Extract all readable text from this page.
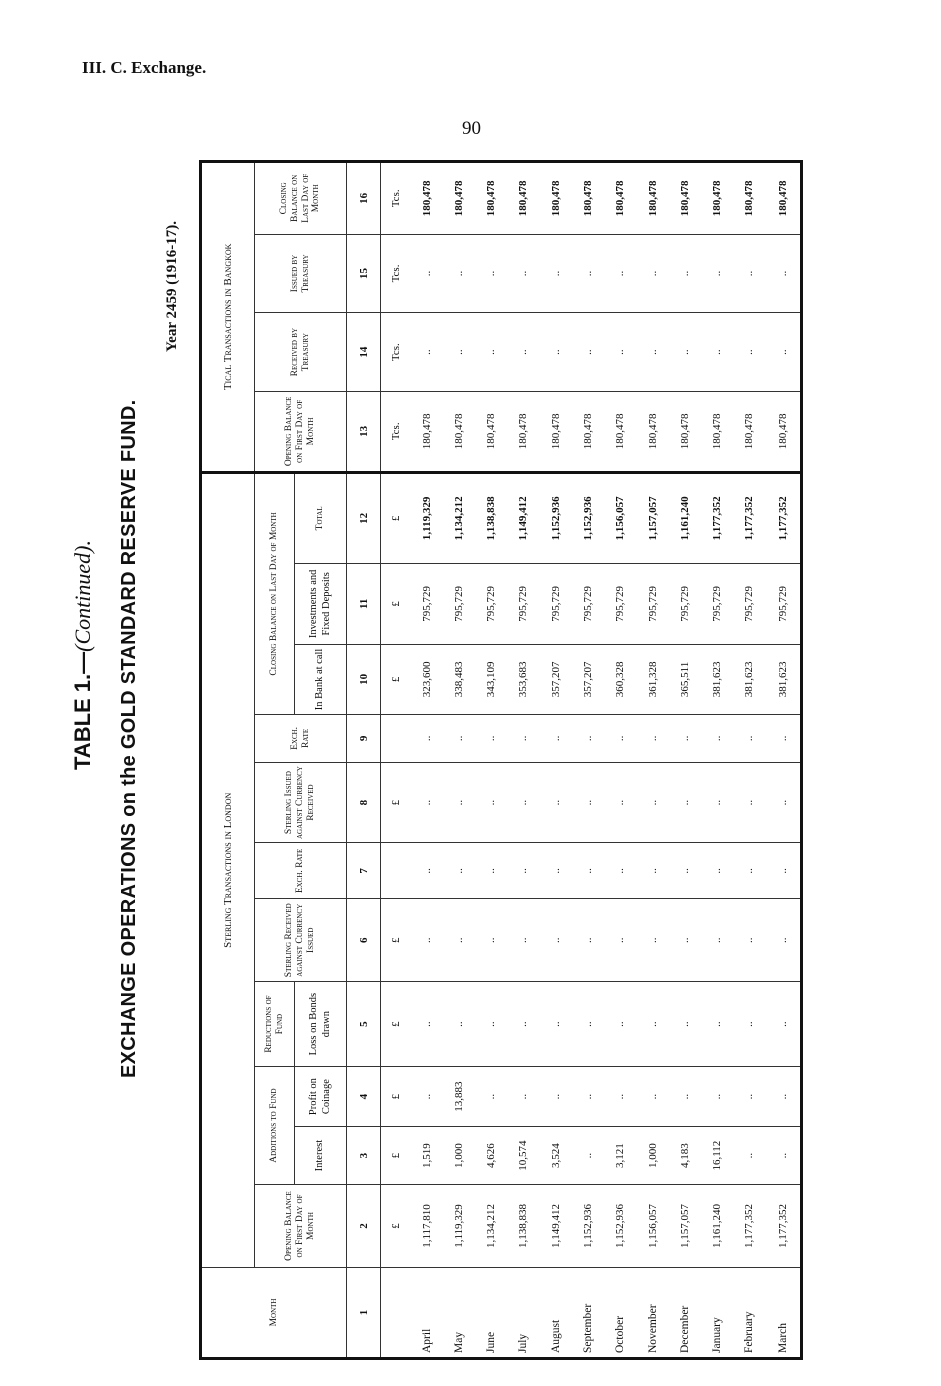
III. C. Exchange.
90
TABLE 1.—(Continued). EXCHANGE OPERATIONS on the GOLD STANDARD RESERVE FUND.
Year 2459 (1916-17).
Month	Sterling Transactions in London											Tical Transactions in Bangkok			
	Opening Balance on First Day of Month	Additions to Fund		Reductions of Fund	Sterling Received against Currency Issued	Exch. Rate	Sterling Issued against Currency Received	Exch. Rate	Closing Balance on Last Day of Month			Opening Balance on First Day of Month	Received by Treasury	Issued by Treasury	Closing Balance on Last Day of Month
		Interest	Profit on Coinage	Loss on Bonds drawn					In Bank at call	Investments and Fixed Deposits	Total				
1	2	3	4	5	6	7	8	9	10	11	12	13	14	15	16
	£	£	£	£	£		£		£	£	£	Tcs.	Tcs.	Tcs.	Tcs.
April	1,117,810	1,519	..	..	..	..	..	..	323,600	795,729	1,119,329	180,478	..	..	180,478
May	1,119,329	1,000	13,883	..	..	..	..	..	338,483	795,729	1,134,212	180,478	..	..	180,478
June	1,134,212	4,626	..	..	..	..	..	..	343,109	795,729	1,138,838	180,478	..	..	180,478
July	1,138,838	10,574	..	..	..	..	..	..	353,683	795,729	1,149,412	180,478	..	..	180,478
August	1,149,412	3,524	..	..	..	..	..	..	357,207	795,729	1,152,936	180,478	..	..	180,478
September	1,152,936	..	..	..	..	..	..	..	357,207	795,729	1,152,936	180,478	..	..	180,478
October	1,152,936	3,121	..	..	..	..	..	..	360,328	795,729	1,156,057	180,478	..	..	180,478
November	1,156,057	1,000	..	..	..	..	..	..	361,328	795,729	1,157,057	180,478	..	..	180,478
December	1,157,057	4,183	..	..	..	..	..	..	365,511	795,729	1,161,240	180,478	..	..	180,478
January	1,161,240	16,112	..	..	..	..	..	..	381,623	795,729	1,177,352	180,478	..	..	180,478
February	1,177,352	..	..	..	..	..	..	..	381,623	795,729	1,177,352	180,478	..	..	180,478
March	1,177,352	..	..	..	..	..	..	..	381,623	795,729	1,177,352	180,478	..	..	180,478
